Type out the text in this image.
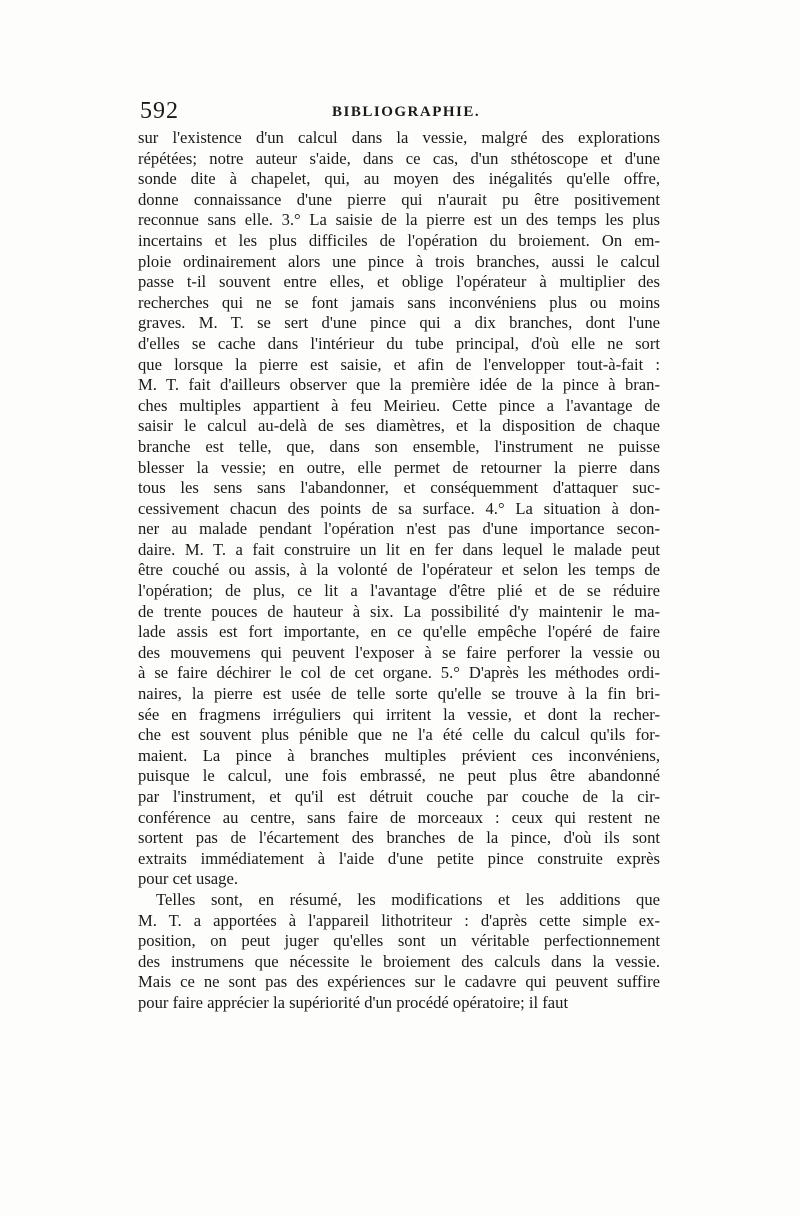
592	BIBLIOGRAPHIE.
sur l'existence d'un calcul dans la vessie, malgré des explorations
répétées; notre auteur s'aide, dans ce cas, d'un sthétoscope et d'une
sonde dite à chapelet, qui, au moyen des inégalités qu'elle offre,
donne connaissance d'une pierre qui n'aurait pu être positivement
reconnue sans elle. 3.° La saisie de la pierre est un des temps les plus
incertains et les plus difficiles de l'opération du broiement. On em-
ploie ordinairement alors une pince à trois branches, aussi le calcul
passe t-il souvent entre elles, et oblige l'opérateur à multiplier des
recherches qui ne se font jamais sans inconvéniens plus ou moins
graves. M. T. se sert d'une pince qui a dix branches, dont l'une
d'elles se cache dans l'intérieur du tube principal, d'où elle ne sort
que lorsque la pierre est saisie, et afin de l'envelopper tout-à-fait :
M. T. fait d'ailleurs observer que la première idée de la pince à bran-
ches multiples appartient à feu Meirieu. Cette pince a l'avantage de
saisir le calcul au-delà de ses diamètres, et la disposition de chaque
branche est telle, que, dans son ensemble, l'instrument ne puisse
blesser la vessie; en outre, elle permet de retourner la pierre dans
tous les sens sans l'abandonner, et conséquemment d'attaquer suc-
cessivement chacun des points de sa surface. 4.° La situation à don-
ner au malade pendant l'opération n'est pas d'une importance secon-
daire. M. T. a fait construire un lit en fer dans lequel le malade peut
être couché ou assis, à la volonté de l'opérateur et selon les temps de
l'opération; de plus, ce lit a l'avantage d'être plié et de se réduire
de trente pouces de hauteur à six. La possibilité d'y maintenir le ma-
lade assis est fort importante, en ce qu'elle empêche l'opéré de faire
des mouvemens qui peuvent l'exposer à se faire perforer la vessie ou
à se faire déchirer le col de cet organe. 5.° D'après les méthodes ordi-
naires, la pierre est usée de telle sorte qu'elle se trouve à la fin bri-
sée en fragmens irréguliers qui irritent la vessie, et dont la recher-
che est souvent plus pénible que ne l'a été celle du calcul qu'ils for-
maient. La pince à branches multiples prévient ces inconvéniens,
puisque le calcul, une fois embrassé, ne peut plus être abandonné
par l'instrument, et qu'il est détruit couche par couche de la cir-
conférence au centre, sans faire de morceaux : ceux qui restent ne
sortent pas de l'écartement des branches de la pince, d'où ils sont
extraits immédiatement à l'aide d'une petite pince construite exprès
pour cet usage.
Telles sont, en résumé, les modifications et les additions que
M. T. a apportées à l'appareil lithotriteur : d'après cette simple ex-
position, on peut juger qu'elles sont un véritable perfectionnement
des instrumens que nécessite le broiement des calculs dans la vessie.
Mais ce ne sont pas des expériences sur le cadavre qui peuvent suffire
pour faire apprécier la supériorité d'un procédé opératoire; il faut
